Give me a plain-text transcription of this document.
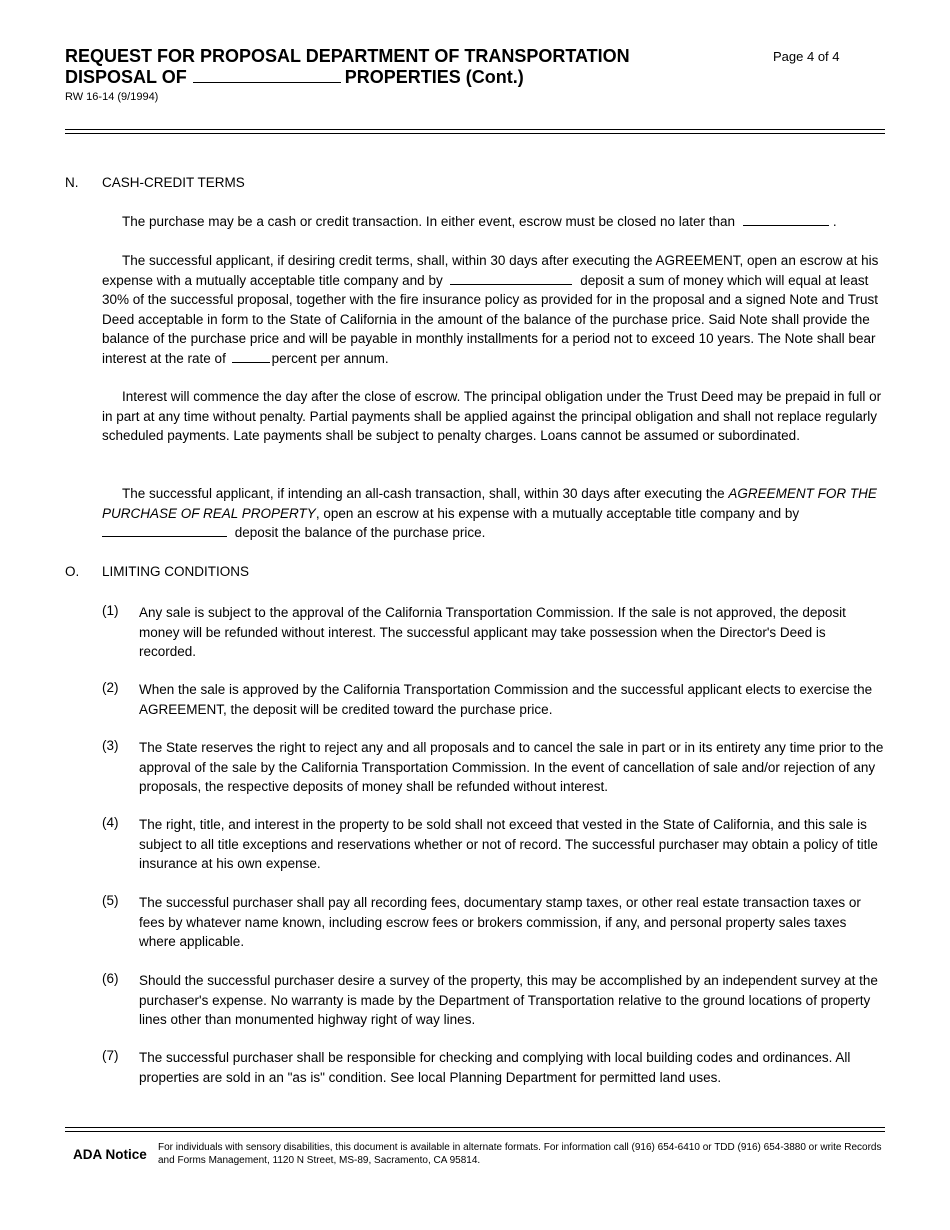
REQUEST FOR PROPOSAL DEPARTMENT OF TRANSPORTATION
DISPOSAL OF	PROPERTIES (Cont.)
Page 4 of 4
RW 16-14 (9/1994)
N. CASH-CREDIT TERMS
The purchase may be a cash or credit transaction. In either event, escrow must be closed no later than	.
The successful applicant, if desiring credit terms, shall, within 30 days after executing the AGREEMENT, open an escrow at his expense with a mutually acceptable title company and by	deposit a sum of money which will equal at least 30% of the successful proposal, together with the fire insurance policy as provided for in the proposal and a signed Note and Trust Deed acceptable in form to the State of California in the amount of the balance of the purchase price. Said Note shall provide the balance of the purchase price and will be payable in monthly installments for a period not to exceed 10 years. The Note shall bear interest at the rate of	percent per annum.
Interest will commence the day after the close of escrow. The principal obligation under the Trust Deed may be prepaid in full or in part at any time without penalty. Partial payments shall be applied against the principal obligation and shall not replace regularly scheduled payments. Late payments shall be subject to penalty charges. Loans cannot be assumed or subordinated.
The successful applicant, if intending an all-cash transaction, shall, within 30 days after executing the AGREEMENT FOR THE PURCHASE OF REAL PROPERTY, open an escrow at his expense with a mutually acceptable title company and by  deposit the balance of the purchase price.
O. LIMITING CONDITIONS
(1) Any sale is subject to the approval of the California Transportation Commission. If the sale is not approved, the deposit money will be refunded without interest. The successful applicant may take possession when the Director's Deed is recorded.
(2) When the sale is approved by the California Transportation Commission and the successful applicant elects to exercise the AGREEMENT, the deposit will be credited toward the purchase price.
(3) The State reserves the right to reject any and all proposals and to cancel the sale in part or in its entirety any time prior to the approval of the sale by the California Transportation Commission. In the event of cancellation of sale and/or rejection of any proposals, the respective deposits of money shall be refunded without interest.
(4) The right, title, and interest in the property to be sold shall not exceed that vested in the State of California, and this sale is subject to all title exceptions and reservations whether or not of record. The successful purchaser may obtain a policy of title insurance at his own expense.
(5) The successful purchaser shall pay all recording fees, documentary stamp taxes, or other real estate transaction taxes or fees by whatever name known, including escrow fees or brokers commission, if any, and personal property sales taxes where applicable.
(6) Should the successful purchaser desire a survey of the property, this may be accomplished by an independent survey at the purchaser's expense. No warranty is made by the Department of Transportation relative to the ground locations of property lines other than monumented highway right of way lines.
(7) The successful purchaser shall be responsible for checking and complying with local building codes and ordinances. All properties are sold in an "as is" condition. See local Planning Department for permitted land uses.
ADA Notice For individuals with sensory disabilities, this document is available in alternate formats. For information call (916) 654-6410 or TDD (916) 654-3880 or write Records and Forms Management, 1120 N Street, MS-89, Sacramento, CA 95814.
